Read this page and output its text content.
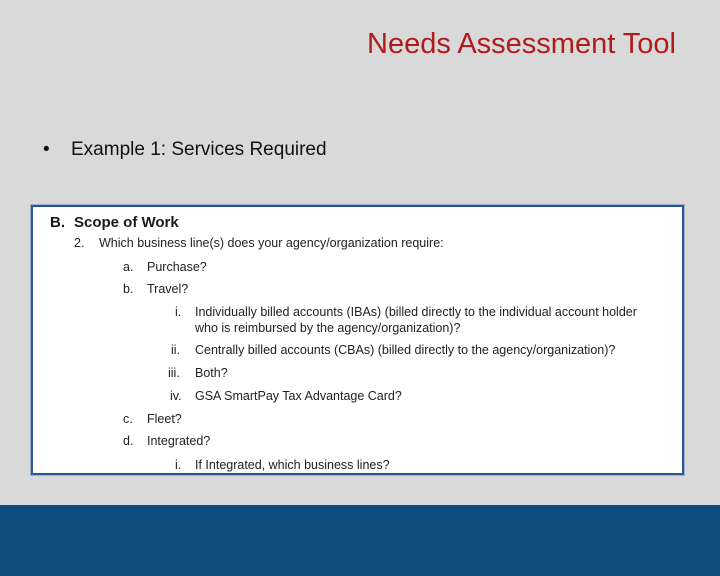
Needs Assessment Tool
• Example 1: Services Required
B. Scope of Work
2. Which business line(s) does your agency/organization require:
a. Purchase?
b. Travel?
i. Individually billed accounts (IBAs) (billed directly to the individual account holder
who is reimbursed by the agency/organization)?
ii. Centrally billed accounts (CBAs) (billed directly to the agency/organization)?
iii. Both?
iv. GSA SmartPay Tax Advantage Card?
c. Fleet?
d. Integrated?
i. If Integrated, which business lines?
